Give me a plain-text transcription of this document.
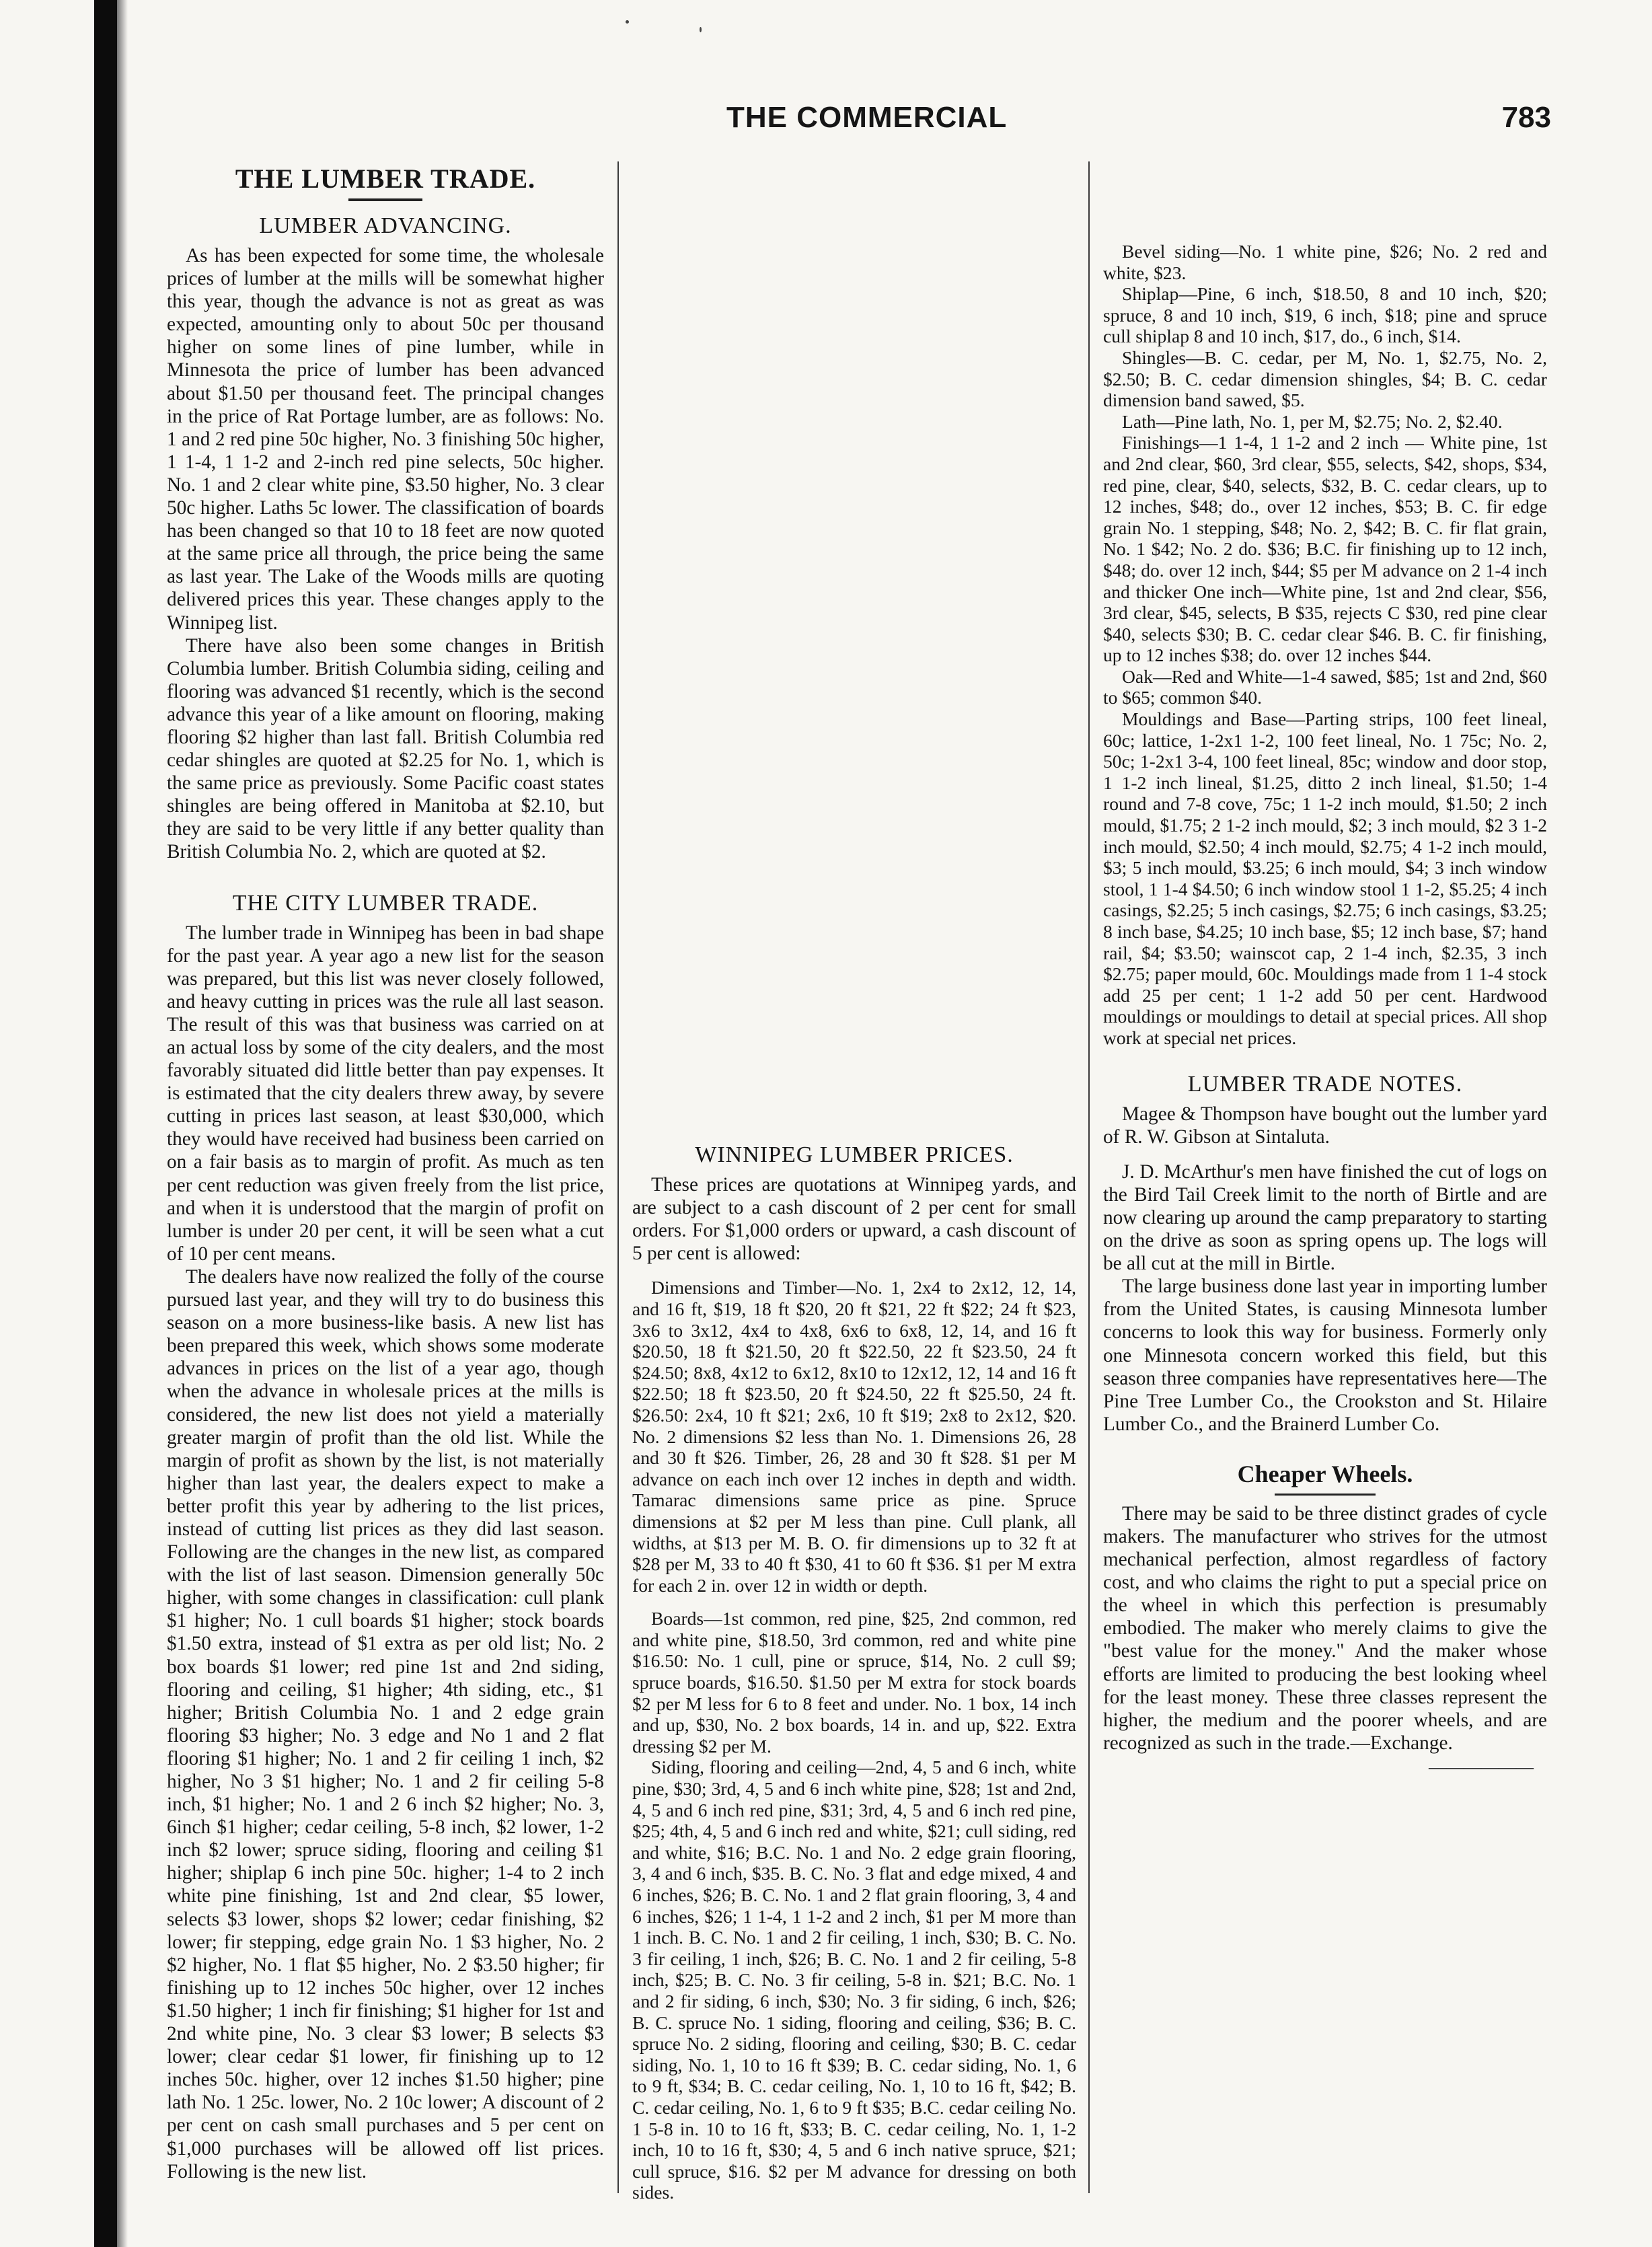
THE COMMERCIAL	783
THE LUMBER TRADE.
LUMBER ADVANCING.

As has been expected for some time, the wholesale prices of lumber at the mills will be somewhat higher this year, though the advance is not as great as was expected, amounting only to about 50c per thousand higher on some lines of pine lumber, while in Minnesota the price of lumber has been advanced about $1.50 per thousand feet. The principal changes in the price of Rat Portage lumber, are as follows: No. 1 and 2 red pine 50c higher, No. 3 finishing 50c higher, 1 1-4, 1 1-2 and 2-inch red pine selects, 50c higher. No. 1 and 2 clear white pine, $3.50 higher, No. 3 clear 50c higher. Laths 5c lower. The classification of boards has been changed so that 10 to 18 feet are now quoted at the same price all through, the price being the same as last year. The Lake of the Woods mills are quoting delivered prices this year. These changes apply to the Winnipeg list.

There have also been some changes in British Columbia lumber. British Columbia siding, ceiling and flooring was advanced $1 recently, which is the second advance this year of a like amount on flooring, making flooring $2 higher than last fall. British Columbia red cedar shingles are quoted at $2.25 for No. 1, which is the same price as previously. Some Pacific coast states shingles are being offered in Manitoba at $2.10, but they are said to be very little if any better quality than British Columbia No. 2, which are quoted at $2.

THE CITY LUMBER TRADE.

The lumber trade in Winnipeg has been in bad shape for the past year. A year ago a new list for the season was prepared, but this list was never closely followed, and heavy cutting in prices was the rule all last season. The result of this was that business was carried on at an actual loss by some of the city dealers, and the most favorably situated did little better than pay expenses. It is estimated that the city dealers threw away, by severe cutting in prices last season, at least $30,000, which they would have received had business been carried on on a fair basis as to margin of profit. As much as ten per cent reduction was given freely from the list price, and when it is understood that the margin of profit on lumber is under 20 per cent, it will be seen what a cut of 10 per cent means.

The dealers have now realized the folly of the course pursued last year, and they will try to do business this season on a more business-like basis. A new list has been prepared this week, which shows some moderate advances in prices on the list of a year ago, though when the advance in wholesale prices at the mills is considered, the new list does not yield a materially greater margin of profit than the old list. While the margin of profit as shown by the list, is not materially higher than last year, the dealers expect to make a better profit this year by adhering to the list prices, instead of cutting list prices as they did last season. Following are the changes in the new list, as compared with the list of last season. Dimension generally 50c higher, with some changes in classification: cull plank $1 higher; No. 1 cull boards $1 higher; stock boards $1.50 extra, instead of $1 extra as per old list; No. 2 box boards $1 lower; red pine 1st and 2nd siding, flooring and ceiling, $1 higher; 4th siding, etc., $1 higher; British Columbia No. 1 and 2 edge grain flooring $3 higher; No. 3 edge and No 1 and 2 flat flooring $1 higher; No. 1 and 2 fir ceiling 1 inch, $2 higher, No 3 $1 higher; No. 1 and 2 fir ceiling 5-8 inch, $1 higher; No. 1 and 2 6 inch $2 higher; No. 3, 6inch $1 higher; cedar ceiling, 5-8 inch, $2 lower, 1-2 inch $2 lower; spruce siding, flooring and ceiling $1 higher; shiplap 6 inch pine 50c. higher; 1-4 to 2 inch white pine finishing, 1st and 2nd clear, $5 lower, selects $3 lower, shops $2 lower; cedar finishing, $2 lower; fir stepping, edge grain No. 1 $3 higher, No. 2 $2 higher, No. 1 flat $5 higher, No. 2 $3.50 higher; fir finishing up to 12 inches 50c higher, over 12 inches $1.50 higher; 1 inch fir finishing; $1 higher for 1st and 2nd white pine, No. 3 clear $3 lower; B selects $3 lower; clear cedar $1 lower, fir finishing up to 12 inches 50c. higher, over 12 inches $1.50 higher; pine lath No. 1 25c. lower, No. 2 10c lower; A discount of 2 per cent on cash small purchases and 5 per cent on $1,000 purchases will be allowed off list prices. Following is the new list.

WINNIPEG LUMBER PRICES.

These prices are quotations at Winnipeg yards, and are subject to a cash discount of 2 per cent for small orders. For $1,000 orders or upward, a cash discount of 5 per cent is allowed:

Dimensions and Timber—No. 1, 2x4 to 2x12, 12, 14, and 16 ft, $19, 18 ft $20, 20 ft $21, 22 ft $22; 24 ft $23, 3x6 to 3x12, 4x4 to 4x8, 6x6 to 6x8, 12, 14, and 16 ft $20.50, 18 ft $21.50, 20 ft $22.50, 22 ft $23.50, 24 ft $24.50; 8x8, 4x12 to 6x12, 8x10 to 12x12, 12, 14 and 16 ft $22.50; 18 ft $23.50, 20 ft $24.50, 22 ft $25.50, 24 ft. $26.50: 2x4, 10 ft $21; 2x6, 10 ft $19; 2x8 to 2x12, $20. No. 2 dimensions $2 less than No. 1. Dimensions 26, 28 and 30 ft $26. Timber, 26, 28 and 30 ft $28. $1 per M advance on each inch over 12 inches in depth and width. Tamarac dimensions same price as pine. Spruce dimensions at $2 per M less than pine. Cull plank, all widths, at $13 per M. B. O. fir dimensions up to 32 ft at $28 per M, 33 to 40 ft $30, 41 to 60 ft $36. $1 per M extra for each 2 in. over 12 in width or depth.

Boards—1st common, red pine, $25, 2nd common, red and white pine, $18.50, 3rd common, red and white pine $16.50: No. 1 cull, pine or spruce, $14, No. 2 cull $9; spruce boards, $16.50. $1.50 per M extra for stock boards $2 per M less for 6 to 8 feet and under. No. 1 box, 14 inch and up, $30, No. 2 box boards, 14 in. and up, $22. Extra dressing $2 per M.

Siding, flooring and ceiling—2nd, 4, 5 and 6 inch, white pine, $30; 3rd, 4, 5 and 6 inch white pine, $28; 1st and 2nd, 4, 5 and 6 inch red pine, $31; 3rd, 4, 5 and 6 inch red pine, $25; 4th, 4, 5 and 6 inch red and white, $21; cull siding, red and white, $16; B.C. No. 1 and No. 2 edge grain flooring, 3, 4 and 6 inch, $35. B. C. No. 3 flat and edge mixed, 4 and 6 inches, $26; B. C. No. 1 and 2 flat grain flooring, 3, 4 and 6 inches, $26; 1 1-4, 1 1-2 and 2 inch, $1 per M more than 1 inch. B. C. No. 1 and 2 fir ceiling, 1 inch, $30; B. C. No. 3 fir ceiling, 1 inch, $26; B. C. No. 1 and 2 fir ceiling, 5-8 inch, $25; B. C. No. 3 fir ceiling, 5-8 in. $21; B.C. No. 1 and 2 fir siding, 6 inch, $30; No. 3 fir siding, 6 inch, $26; B. C. spruce No. 1 siding, flooring and ceiling, $36; B. C. spruce No. 2 siding, flooring and ceiling, $30; B. C. cedar siding, No. 1, 10 to 16 ft $39; B. C. cedar siding, No. 1, 6 to 9 ft, $34; B. C. cedar ceiling, No. 1, 10 to 16 ft, $42; B. C. cedar ceiling, No. 1, 6 to 9 ft $35; B.C. cedar ceiling No. 1 5-8 in. 10 to 16 ft, $33; B. C. cedar ceiling, No. 1, 1-2 inch, 10 to 16 ft, $30; 4, 5 and 6 inch native spruce, $21; cull spruce, $16. $2 per M advance for dressing on both sides.

Bevel siding—No. 1 white pine, $26; No. 2 red and white, $23.

Shiplap—Pine, 6 inch, $18.50, 8 and 10 inch, $20; spruce, 8 and 10 inch, $19, 6 inch, $18; pine and spruce cull shiplap 8 and 10 inch, $17, do., 6 inch, $14.

Shingles—B. C. cedar, per M, No. 1, $2.75, No. 2, $2.50; B. C. cedar dimension shingles, $4; B. C. cedar dimension band sawed, $5.

Lath—Pine lath, No. 1, per M, $2.75; No. 2, $2.40.

Finishings—1 1-4, 1 1-2 and 2 inch — White pine, 1st and 2nd clear, $60, 3rd clear, $55, selects, $42, shops, $34, red pine, clear, $40, selects, $32, B. C. cedar clears, up to 12 inches, $48; do., over 12 inches, $53; B. C. fir edge grain No. 1 stepping, $48; No. 2, $42; B. C. fir flat grain, No. 1 $42; No. 2 do. $36; B.C. fir finishing up to 12 inch, $48; do. over 12 inch, $44; $5 per M advance on 2 1-4 inch and thicker One inch—White pine, 1st and 2nd clear, $56, 3rd clear, $45, selects, B $35, rejects C $30, red pine clear $40, selects $30; B. C. cedar clear $46. B. C. fir finishing, up to 12 inches $38; do. over 12 inches $44.

Oak—Red and White—1-4 sawed, $85; 1st and 2nd, $60 to $65; common $40.

Mouldings and Base—Parting strips, 100 feet lineal, 60c; lattice, 1-2x1 1-2, 100 feet lineal, No. 1 75c; No. 2, 50c; 1-2x1 3-4, 100 feet lineal, 85c; window and door stop, 1 1-2 inch lineal, $1.25, ditto 2 inch lineal, $1.50; 1-4 round and 7-8 cove, 75c; 1 1-2 inch mould, $1.50; 2 inch mould, $1.75; 2 1-2 inch mould, $2; 3 inch mould, $2 3 1-2 inch mould, $2.50; 4 inch mould, $2.75; 4 1-2 inch mould, $3; 5 inch mould, $3.25; 6 inch mould, $4; 3 inch window stool, 1 1-4 $4.50; 6 inch window stool 1 1-2, $5.25; 4 inch casings, $2.25; 5 inch casings, $2.75; 6 inch casings, $3.25; 8 inch base, $4.25; 10 inch base, $5; 12 inch base, $7; hand rail, $4; $3.50; wainscot cap, 2 1-4 inch, $2.35, 3 inch $2.75; paper mould, 60c. Mouldings made from 1 1-4 stock add 25 per cent; 1 1-2 add 50 per cent. Hardwood mouldings or mouldings to detail at special prices. All shop work at special net prices.

LUMBER TRADE NOTES.

Magee & Thompson have bought out the lumber yard of R. W. Gibson at Sintaluta.

J. D. McArthur's men have finished the cut of logs on the Bird Tail Creek limit to the north of Birtle and are now clearing up around the camp preparatory to starting on the drive as soon as spring opens up. The logs will be all cut at the mill in Birtle.

The large business done last year in importing lumber from the United States, is causing Minnesota lumber concerns to look this way for business. Formerly only one Minnesota concern worked this field, but this season three companies have representatives here—The Pine Tree Lumber Co., the Crookston and St. Hilaire Lumber Co., and the Brainerd Lumber Co.

Cheaper Wheels.

There may be said to be three distinct grades of cycle makers. The manufacturer who strives for the utmost mechanical perfection, almost regardless of factory cost, and who claims the right to put a special price on the wheel in which this perfection is presumably embodied. The maker who merely claims to give the "best value for the money." And the maker whose efforts are limited to producing the best looking wheel for the least money. These three classes represent the higher, the medium and the poorer wheels, and are recognized as such in the trade.—Exchange.

——————
